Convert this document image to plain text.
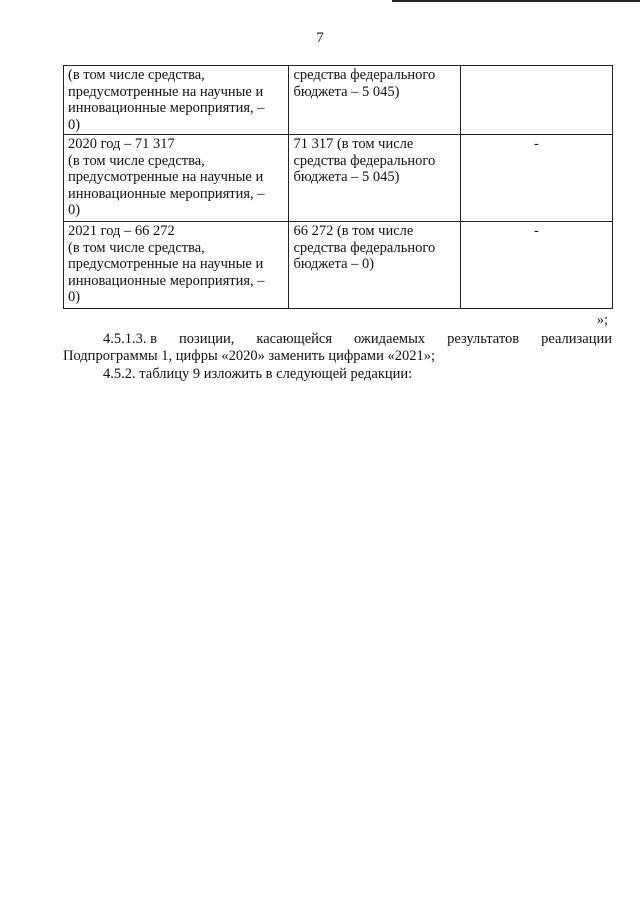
7
(в том числе средства,
предусмотренные на научные и
инновационные мероприятия, –
0)	средства федерального
бюджета – 5 045)	

2020 год – 71 317
(в том числе средства,
предусмотренные на научные и
инновационные мероприятия, –
0)	71 317 (в том числе
средства федерального
бюджета – 5 045)	-

2021 год – 66 272
(в том числе средства,
предусмотренные на научные и
инновационные мероприятия, –
0)	66 272 (в том числе
средства федерального
бюджета – 0)	-
»;
4.5.1.3. в позиции, касающейся ожидаемых результатов реализации
Подпрограммы 1, цифры «2020» заменить цифрами «2021»;
4.5.2. таблицу 9 изложить в следующей редакции:
